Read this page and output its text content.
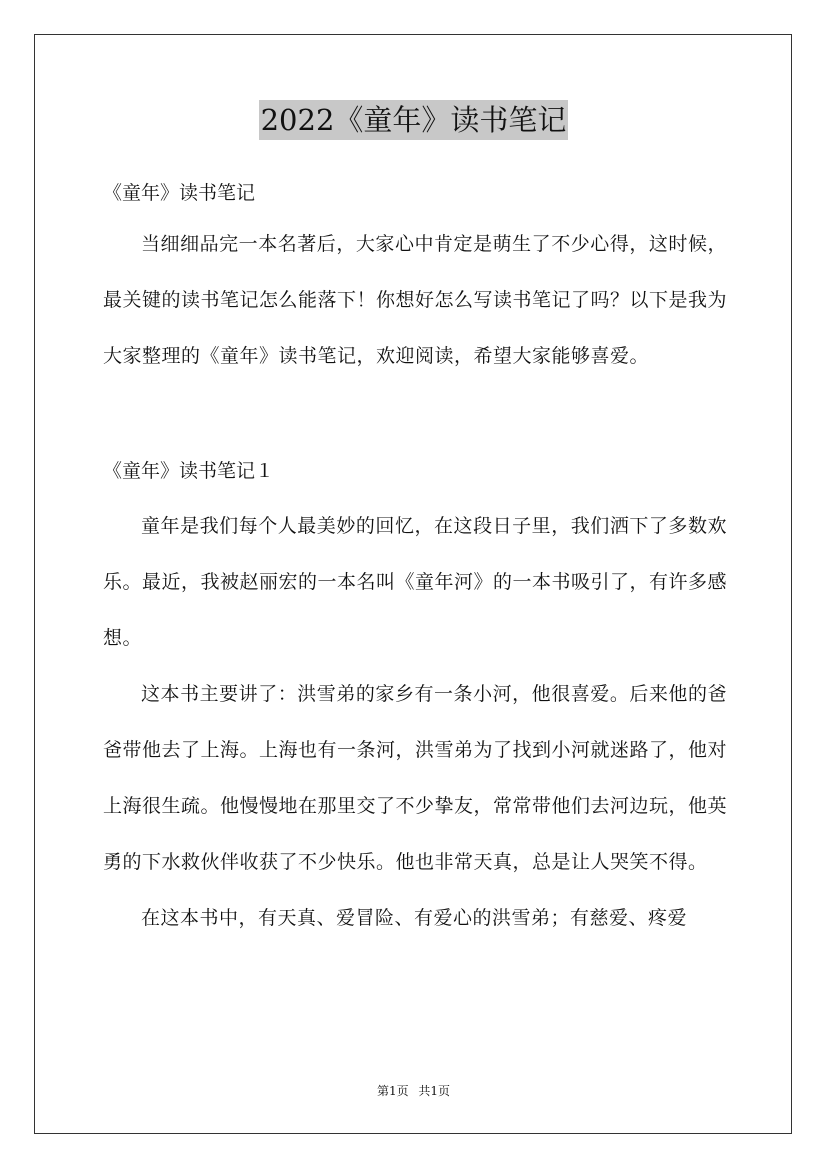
2022《童年》读书笔记

《童年》读书笔记

当细细品完一本名著后，大家心中肯定是萌生了不少心得，这时候，最关键的读书笔记怎么能落下！你想好怎么写读书笔记了吗？以下是我为大家整理的《童年》读书笔记，欢迎阅读，希望大家能够喜爱。

《童年》读书笔记１

童年是我们每个人最美妙的回忆，在这段日子里，我们洒下了多数欢乐。最近，我被赵丽宏的一本名叫《童年河》的一本书吸引了，有许多感想。

这本书主要讲了：洪雪弟的家乡有一条小河，他很喜爱。后来他的爸爸带他去了上海。上海也有一条河，洪雪弟为了找到小河就迷路了，他对上海很生疏。他慢慢地在那里交了不少挚友，常常带他们去河边玩，他英勇的下水救伙伴收获了不少快乐。他也非常天真，总是让人哭笑不得。

在这本书中，有天真、爱冒险、有爱心的洪雪弟；有慈爱、疼爱

第1页 共1页
